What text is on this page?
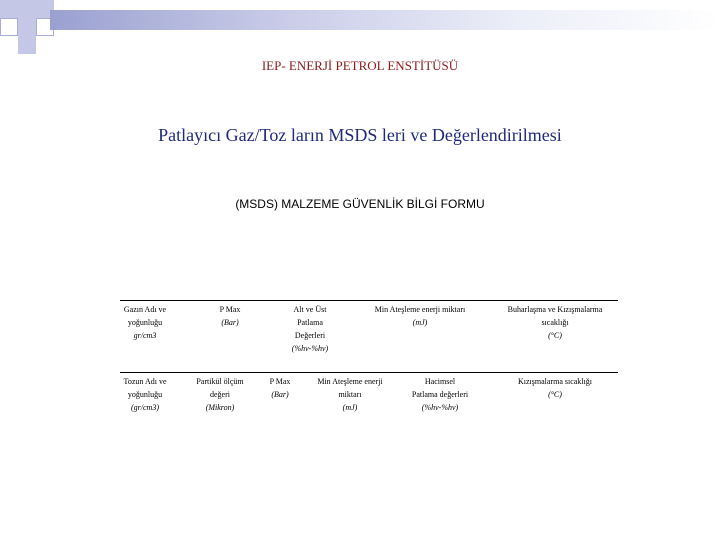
IEP- ENERJİ PETROL ENSTİTÜSÜ
Patlayıcı Gaz/Toz ların MSDS leri ve Değerlendirilmesi
(MSDS) MALZEME GÜVENLİK BİLGİ FORMU
Gazın Adı ve
yoğunluğu
gr/cm3
P Max
(Bar)
Alt ve Üst
Patlama
Değerleri
(%hv-%hv)
Min Ateşleme enerji miktarı
(mJ)
Buharlaşma ve Kızışmalarma
sıcaklığı
(°C)
Tozun Adı ve
yoğunluğu
(gr/cm3)
Partikül ölçüm
değeri
(Mikron)
P Max
(Bar)
Min Ateşleme enerji
miktarı
(mJ)
Hacimsel
Patlama değerleri
(%hv-%hv)
Kızışmalarma sıcaklığı
(°C)
